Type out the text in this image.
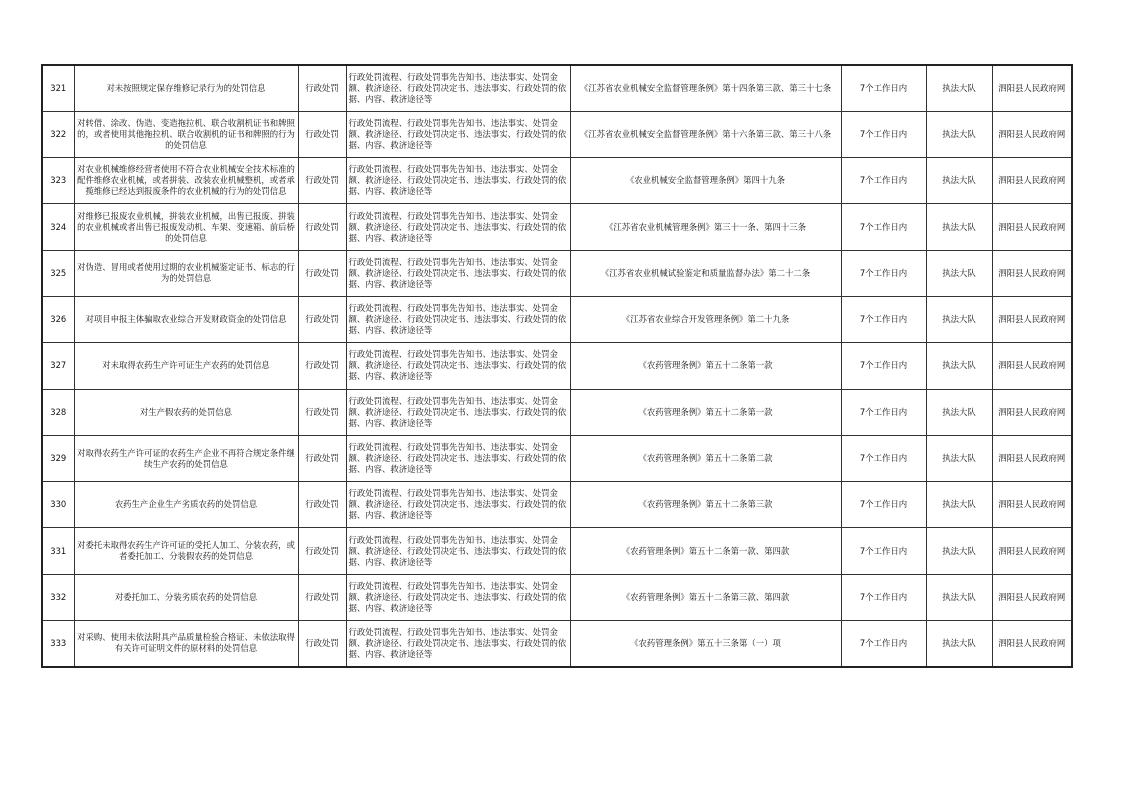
321	对未按照规定保存维修记录行为的处罚信息	行政处罚	行政处罚流程、行政处罚事先告知书、违法事实、处罚金额、救济途径、行政处罚决定书、违法事实、行政处罚的依据、内容、救济途径等	《江苏省农业机械安全监督管理条例》第十四条第三款、第三十七条	7个工作日内	执法大队	泗阳县人民政府网
322	对转借、涂改、伪造、变造拖拉机、联合收割机证书和牌照的，或者使用其他拖拉机、联合收割机的证书和牌照的行为的处罚信息	行政处罚	行政处罚流程、行政处罚事先告知书、违法事实、处罚金额、救济途径、行政处罚决定书、违法事实、行政处罚的依据、内容、救济途径等	《江苏省农业机械安全监督管理条例》第十六条第三款、第三十八条	7个工作日内	执法大队	泗阳县人民政府网
323	对农业机械维修经营者使用不符合农业机械安全技术标准的配件维修农业机械，或者拼装、改装农业机械整机，或者承揽维修已经达到报废条件的农业机械的行为的处罚信息	行政处罚	行政处罚流程、行政处罚事先告知书、违法事实、处罚金额、救济途径、行政处罚决定书、违法事实、行政处罚的依据、内容、救济途径等	《农业机械安全监督管理条例》第四十九条	7个工作日内	执法大队	泗阳县人民政府网
324	对维修已报废农业机械，拼装农业机械，出售已报废、拼装的农业机械或者出售已报废发动机、车架、变速箱、前后桥的处罚信息	行政处罚	行政处罚流程、行政处罚事先告知书、违法事实、处罚金额、救济途径、行政处罚决定书、违法事实、行政处罚的依据、内容、救济途径等	《江苏省农业机械管理条例》第三十一条、第四十三条	7个工作日内	执法大队	泗阳县人民政府网
325	对伪造、冒用或者使用过期的农业机械鉴定证书、标志的行为的处罚信息	行政处罚	行政处罚流程、行政处罚事先告知书、违法事实、处罚金额、救济途径、行政处罚决定书、违法事实、行政处罚的依据、内容、救济途径等	《江苏省农业机械试验鉴定和质量监督办法》第二十二条	7个工作日内	执法大队	泗阳县人民政府网
326	对项目申报主体骗取农业综合开发财政资金的处罚信息	行政处罚	行政处罚流程、行政处罚事先告知书、违法事实、处罚金额、救济途径、行政处罚决定书、违法事实、行政处罚的依据、内容、救济途径等	《江苏省农业综合开发管理条例》第二十九条	7个工作日内	执法大队	泗阳县人民政府网
327	对未取得农药生产许可证生产农药的处罚信息	行政处罚	行政处罚流程、行政处罚事先告知书、违法事实、处罚金额、救济途径、行政处罚决定书、违法事实、行政处罚的依据、内容、救济途径等	《农药管理条例》第五十二条第一款	7个工作日内	执法大队	泗阳县人民政府网
328	对生产假农药的处罚信息	行政处罚	行政处罚流程、行政处罚事先告知书、违法事实、处罚金额、救济途径、行政处罚决定书、违法事实、行政处罚的依据、内容、救济途径等	《农药管理条例》第五十二条第一款	7个工作日内	执法大队	泗阳县人民政府网
329	对取得农药生产许可证的农药生产企业不再符合规定条件继续生产农药的处罚信息	行政处罚	行政处罚流程、行政处罚事先告知书、违法事实、处罚金额、救济途径、行政处罚决定书、违法事实、行政处罚的依据、内容、救济途径等	《农药管理条例》第五十二条第二款	7个工作日内	执法大队	泗阳县人民政府网
330	农药生产企业生产劣质农药的处罚信息	行政处罚	行政处罚流程、行政处罚事先告知书、违法事实、处罚金额、救济途径、行政处罚决定书、违法事实、行政处罚的依据、内容、救济途径等	《农药管理条例》第五十二条第三款	7个工作日内	执法大队	泗阳县人民政府网
331	对委托未取得农药生产许可证的受托人加工、分装农药，或者委托加工、分装假农药的处罚信息	行政处罚	行政处罚流程、行政处罚事先告知书、违法事实、处罚金额、救济途径、行政处罚决定书、违法事实、行政处罚的依据、内容、救济途径等	《农药管理条例》第五十二条第一款、第四款	7个工作日内	执法大队	泗阳县人民政府网
332	对委托加工、分装劣质农药的处罚信息	行政处罚	行政处罚流程、行政处罚事先告知书、违法事实、处罚金额、救济途径、行政处罚决定书、违法事实、行政处罚的依据、内容、救济途径等	《农药管理条例》第五十二条第三款、第四款	7个工作日内	执法大队	泗阳县人民政府网
333	对采购、使用未依法附具产品质量检验合格证、未依法取得有关许可证明文件的原材料的处罚信息	行政处罚	行政处罚流程、行政处罚事先告知书、违法事实、处罚金额、救济途径、行政处罚决定书、违法事实、行政处罚的依据、内容、救济途径等	《农药管理条例》第五十三条第（一）项	7个工作日内	执法大队	泗阳县人民政府网
